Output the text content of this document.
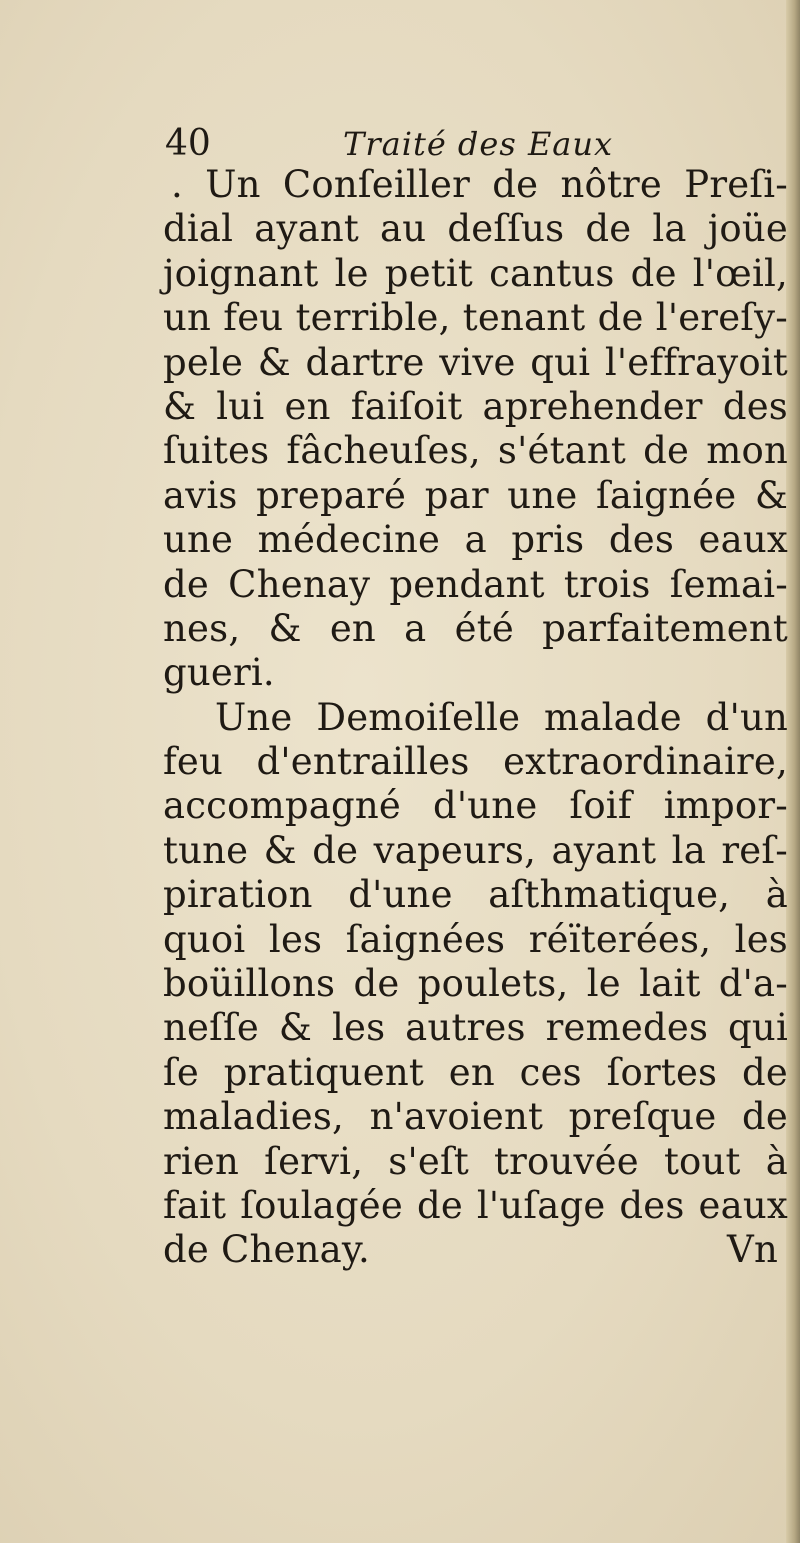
40	Traité des Eaux
. Un Conſeiller de nôtre Preſi-
dial ayant au deſſus de la joüe
joignant le petit cantus de l'œil,
un feu terrible, tenant de l'ereſy-
pele & dartre vive qui l'effrayoit
& lui en faiſoit aprehender des
ſuites fâcheuſes, s'étant de mon
avis preparé par une ſaignée &
une médecine a pris des eaux
de Chenay pendant trois ſemai-
nes, & en a été parfaitement
gueri.
Une Demoiſelle malade d'un
feu d'entrailles extraordinaire,
accompagné d'une ſoif impor-
tune & de vapeurs, ayant la reſ-
piration d'une aſthmatique, à
quoi les ſaignées réïterées, les
boüillons de poulets, le lait d'a-
neſſe & les autres remedes qui
ſe pratiquent en ces ſortes de
maladies, n'avoient preſque de
rien ſervi, s'eſt trouvée tout à
fait ſoulagée de l'uſage des eaux
de Chenay.	Vn
